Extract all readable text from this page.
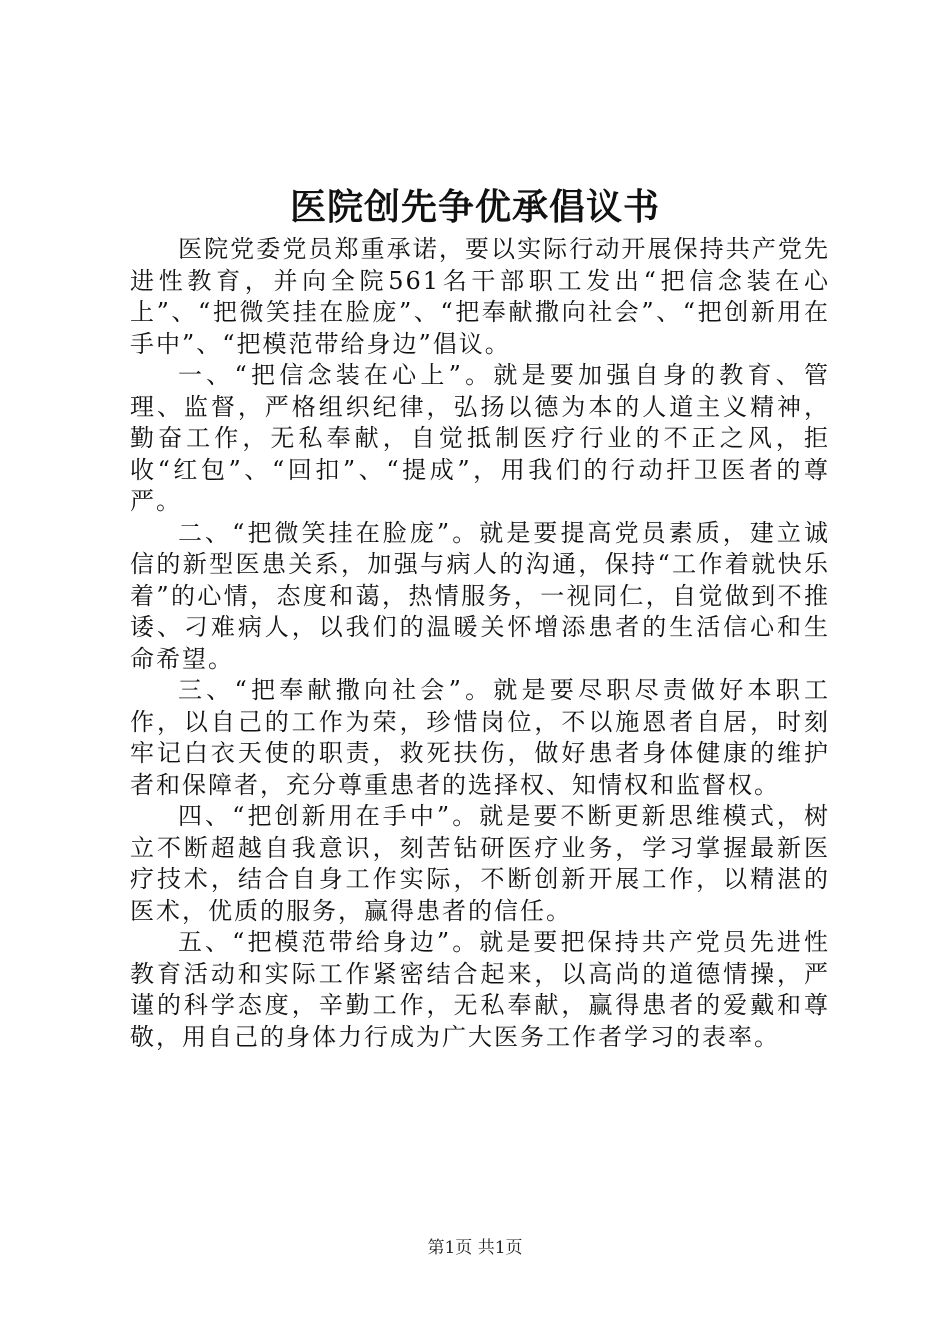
医院创先争优承倡议书

医院党委党员郑重承诺，要以实际行动开展保持共产党先进性教育，并向全院561名干部职工发出“把信念装在心上”、“把微笑挂在脸庞”、“把奉献撒向社会”、“把创新用在手中”、“把模范带给身边”倡议。

一、“把信念装在心上”。就是要加强自身的教育、管理、监督，严格组织纪律，弘扬以德为本的人道主义精神，勤奋工作，无私奉献，自觉抵制医疗行业的不正之风，拒收“红包”、“回扣”、“提成”，用我们的行动扞卫医者的尊严。

二、“把微笑挂在脸庞”。就是要提高党员素质，建立诚信的新型医患关系，加强与病人的沟通，保持“工作着就快乐着”的心情，态度和蔼，热情服务，一视同仁，自觉做到不推诿、刁难病人，以我们的温暖关怀增添患者的生活信心和生命希望。

三、“把奉献撒向社会”。就是要尽职尽责做好本职工作，以自己的工作为荣，珍惜岗位，不以施恩者自居，时刻牢记白衣天使的职责，救死扶伤，做好患者身体健康的维护者和保障者，充分尊重患者的选择权、知情权和监督权。

四、“把创新用在手中”。就是要不断更新思维模式，树立不断超越自我意识，刻苦钻研医疗业务，学习掌握最新医疗技术，结合自身工作实际，不断创新开展工作，以精湛的医术，优质的服务，赢得患者的信任。

五、“把模范带给身边”。就是要把保持共产党员先进性教育活动和实际工作紧密结合起来，以高尚的道德情操，严谨的科学态度，辛勤工作，无私奉献，赢得患者的爱戴和尊敬，用自己的身体力行成为广大医务工作者学习的表率。

第1页 共1页
